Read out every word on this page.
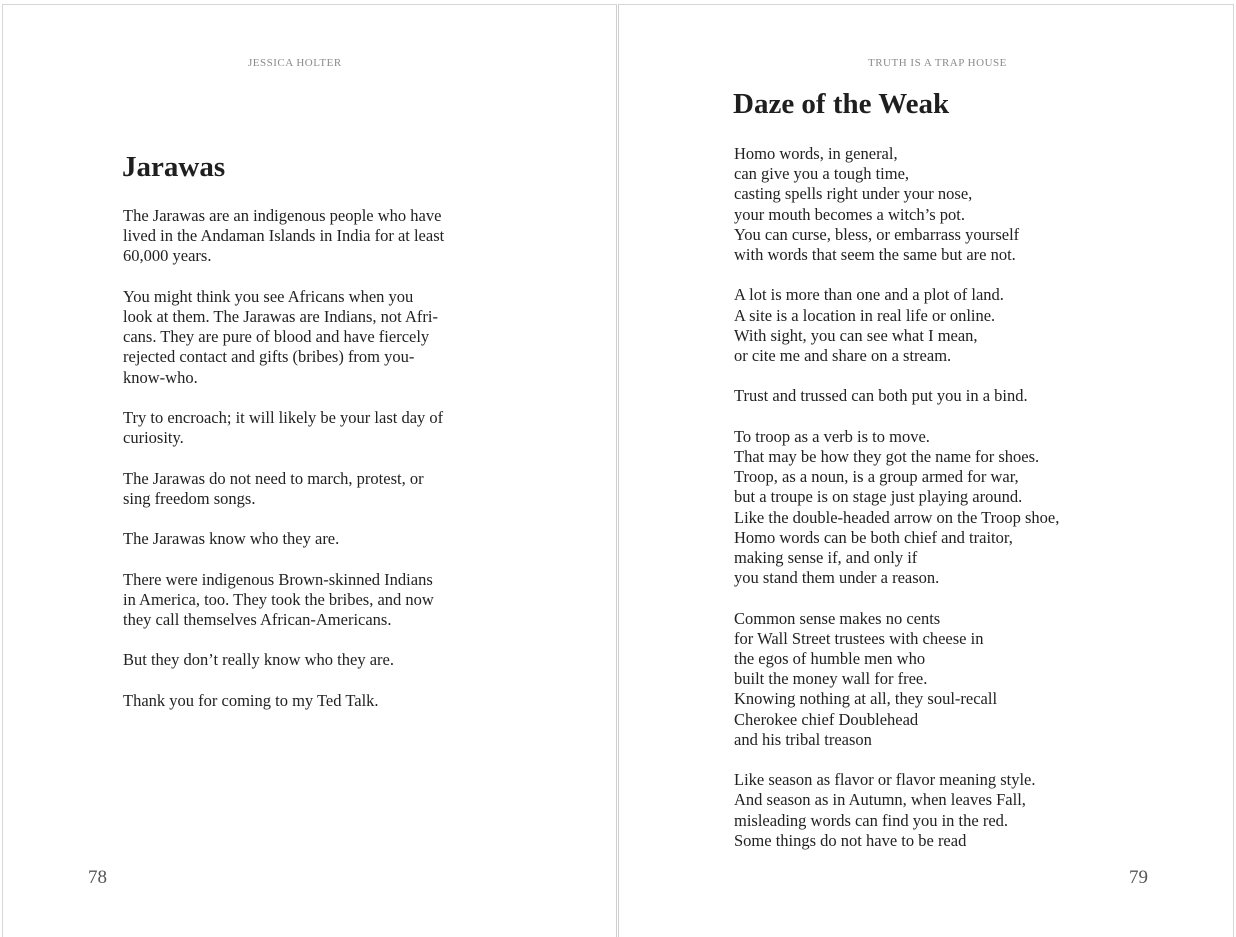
JESSICA HOLTER
Jarawas

The Jarawas are an indigenous people who have
lived in the Andaman Islands in India for at least
60,000 years.

You might think you see Africans when you
look at them. The Jarawas are Indians, not Afri-
cans. They are pure of blood and have fiercely
rejected contact and gifts (bribes) from you-
know-who.

Try to encroach; it will likely be your last day of
curiosity.

The Jarawas do not need to march, protest, or
sing freedom songs.

The Jarawas know who they are.

There were indigenous Brown-skinned Indians
in America, too. They took the bribes, and now
they call themselves African-Americans.

But they don’t really know who they are.

Thank you for coming to my Ted Talk.

78
TRUTH IS A TRAP HOUSE
Daze of the Weak

Homo words, in general,
can give you a tough time,
casting spells right under your nose,
your mouth becomes a witch’s pot.
You can curse, bless, or embarrass yourself
with words that seem the same but are not.

A lot is more than one and a plot of land.
A site is a location in real life or online.
With sight, you can see what I mean,
or cite me and share on a stream.

Trust and trussed can both put you in a bind.

To troop as a verb is to move.
That may be how they got the name for shoes.
Troop, as a noun, is a group armed for war,
but a troupe is on stage just playing around.
Like the double-headed arrow on the Troop shoe,
Homo words can be both chief and traitor,
making sense if, and only if
you stand them under a reason.

Common sense makes no cents
for Wall Street trustees with cheese in
the egos of humble men who
built the money wall for free.
Knowing nothing at all, they soul-recall
Cherokee chief Doublehead
and his tribal treason

Like season as flavor or flavor meaning style.
And season as in Autumn, when leaves Fall,
misleading words can find you in the red.
Some things do not have to be read

79
